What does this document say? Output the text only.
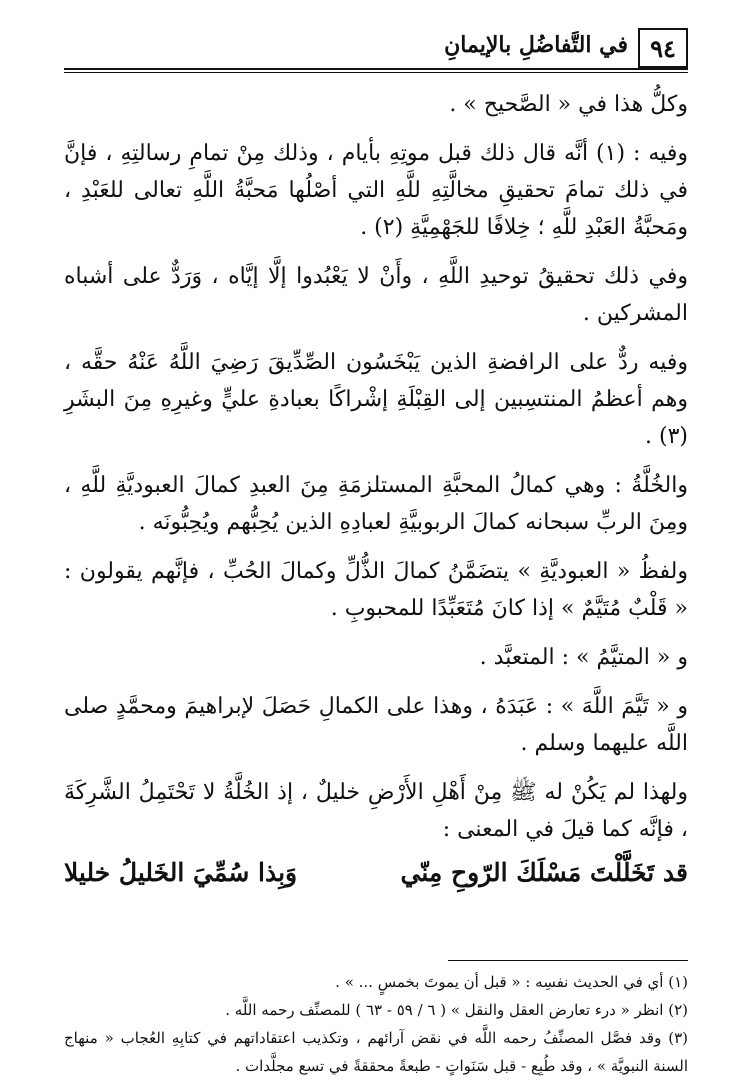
٩٤
في التَّفاضُلِ بالإيمانِ

وكلُّ هذا في « الصَّحيح » .

وفيه : (١) أنَّه قال ذلك قبل موتِهِ بأيام ، وذلك مِنْ تمامِ رسالتِهِ ، فإنَّ في ذلك تمامَ تحقيقِ مخالَّتِهِ للَّهِ التي أصْلُها مَحبَّةُ اللَّهِ تعالى للعَبْدِ ، ومَحبَّةُ العَبْدِ للَّهِ ؛ خِلافًا للجَهْمِيَّةِ (٢) .

وفي ذلك تحقيقُ توحيدِ اللَّهِ ، وأَنْ لا يَعْبُدوا إلَّا إيَّاه ، وَرَدٌّ على أشباه المشركين .

وفيه ردٌّ على الرافضةِ الذين يَبْخَسُون الصِّدِّيقَ رَضِيَ اللَّهُ عَنْهُ حقَّه ، وهم أعظمُ المنتسِبين إلى القِبْلَةِ إشْراكًا بعبادةِ عليٍّ وغيرِهِ مِنَ البشَرِ (٣) .

والخُلَّةُ : وهي كمالُ المحبَّةِ المستلزمَةِ مِنَ العبدِ كمالَ العبوديَّةِ للَّهِ ، ومِنَ الربِّ سبحانه كمالَ الربوبيَّةِ لعبادِهِ الذين يُحِبُّهم ويُحِبُّونَه .

ولفظُ « العبوديَّةِ » يتضَمَّنُ كمالَ الذُّلِّ وكمالَ الحُبِّ ، فإنَّهم يقولون : « قَلْبٌ مُتَيَّمٌ » إذا كانَ مُتَعَبِّدًا للمحبوبِ .

و « المتيَّمُ » : المتعبَّد .

و « تَيَّمَ اللَّهَ » : عَبَدَهُ ، وهذا على الكمالِ حَصَلَ لإبراهيمَ ومحمَّدٍ صلى اللَّه عليهما وسلم .

ولهذا لم يَكُنْ له ﷺ مِنْ أَهْلِ الأَرْضِ خليلٌ ، إذ الخُلَّةُ لا تَحْتَمِلُ الشَّرِكَةَ ، فإنَّه كما قيلَ في المعنى :

قد تَخَلَّلْتَ مَسْلَكَ الرّوحِ مِنّي
وَبِذا سُمِّيَ الخَليلُ خليلا

(١) أي في الحديث نفسِه : « قبل أن يموتَ بخمسٍ ... » .

(٢) انظر « درء تعارض العقل والنقل » ( ٦ / ٥٩ - ٦٣ ) للمصنِّف رحمه اللَّه .

(٣) وقد فصَّل المصنِّفُ رحمه اللَّه في نقض آرائهم ، وتكذيب اعتقاداتهم في كتابِهِ العُجاب « منهاج السنة النبويَّة » ، وقد طُبِع - قبل سَنَواتٍ - طبعةً محققةً في تسع مجلَّدات .
